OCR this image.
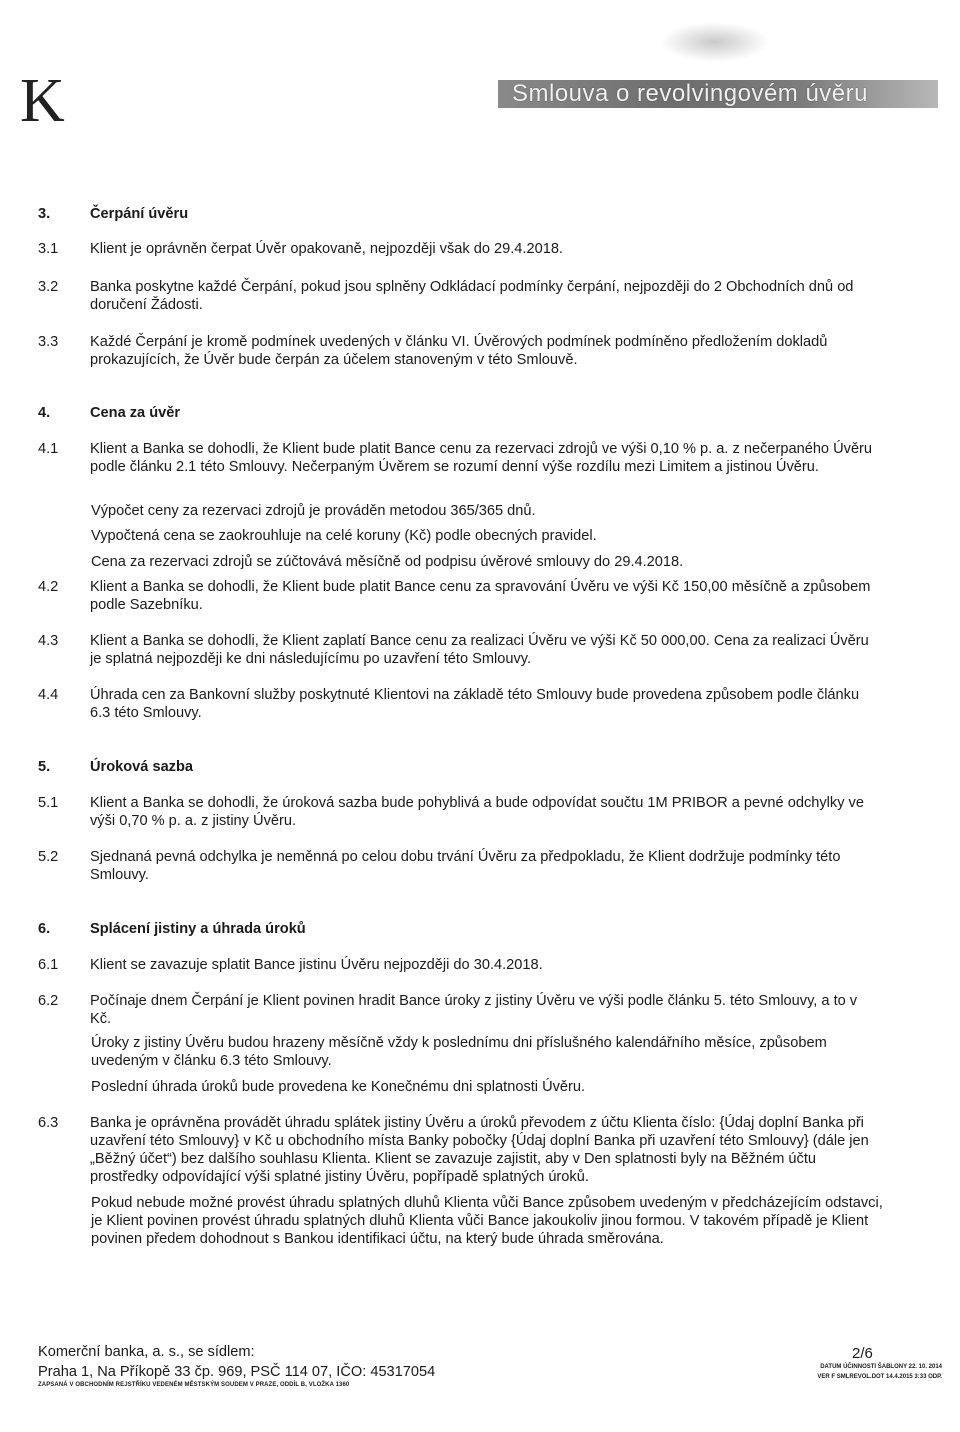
K	Smlouva o revolvingovém úvěru
3.	Čerpání úvěru
3.1	Klient je oprávněn čerpat Úvěr opakovaně, nejpozději však do 29.4.2018.
3.2	Banka poskytne každé Čerpání, pokud jsou splněny Odkládací podmínky čerpání, nejpozději do 2 Obchodních dnů od doručení Žádosti.
3.3	Každé Čerpání je kromě podmínek uvedených v článku VI. Úvěrových podmínek podmíněno předložením dokladů prokazujících, že Úvěr bude čerpán za účelem stanoveným v této Smlouvě.
4.	Cena za úvěr
4.1	Klient a Banka se dohodli, že Klient bude platit Bance cenu za rezervaci zdrojů ve výši 0,10 % p. a. z nečerpaného Úvěru podle článku 2.1 této Smlouvy. Nečerpaným Úvěrem se rozumí denní výše rozdílu mezi Limitem a jistinou Úvěru.
Výpočet ceny za rezervaci zdrojů je prováděn metodou 365/365 dnů.
Vypočtená cena se zaokrouhluje na celé koruny (Kč) podle obecných pravidel.
Cena za rezervaci zdrojů se zúčtovává měsíčně od podpisu úvěrové smlouvy do 29.4.2018.
4.2	Klient a Banka se dohodli, že Klient bude platit Bance cenu za spravování Úvěru ve výši Kč 150,00 měsíčně a způsobem podle Sazebníku.
4.3	Klient a Banka se dohodli, že Klient zaplatí Bance cenu za realizaci Úvěru ve výši Kč 50 000,00. Cena za realizaci Úvěru je splatná nejpozději ke dni následujícímu po uzavření této Smlouvy.
4.4	Úhrada cen za Bankovní služby poskytnuté Klientovi na základě této Smlouvy bude provedena způsobem podle článku 6.3 této Smlouvy.
5.	Úroková sazba
5.1	Klient a Banka se dohodli, že úroková sazba bude pohyblivá a bude odpovídat součtu 1M PRIBOR a pevné odchylky ve výši 0,70 % p. a. z jistiny Úvěru.
5.2	Sjednaná pevná odchylka je neměnná po celou dobu trvání Úvěru za předpokladu, že Klient dodržuje podmínky této Smlouvy.
6.	Splácení jistiny a úhrada úroků
6.1	Klient se zavazuje splatit Bance jistinu Úvěru nejpozději do 30.4.2018.
6.2	Počínaje dnem Čerpání je Klient povinen hradit Bance úroky z jistiny Úvěru ve výši podle článku 5. této Smlouvy, a to v Kč.
Úroky z jistiny Úvěru budou hrazeny měsíčně vždy k poslednímu dni příslušného kalendářního měsíce, způsobem uvedeným v článku 6.3 této Smlouvy.
Poslední úhrada úroků bude provedena ke Konečnému dni splatnosti Úvěru.
6.3	Banka je oprávněna provádět úhradu splátek jistiny Úvěru a úroků převodem z účtu Klienta číslo: {Údaj doplní Banka při uzavření této Smlouvy} v Kč u obchodního místa Banky pobočky {Údaj doplní Banka při uzavření této Smlouvy} (dále jen „Běžný účet“) bez dalšího souhlasu Klienta. Klient se zavazuje zajistit, aby v Den splatnosti byly na Běžném účtu prostředky odpovídající výši splatné jistiny Úvěru, popřípadě splatných úroků.
Pokud nebude možné provést úhradu splatných dluhů Klienta vůči Bance způsobem uvedeným v předcházejícím odstavci, je Klient povinen provést úhradu splatných dluhů Klienta vůči Bance jakoukoliv jinou formou. V takovém případě je Klient povinen předem dohodnout s Bankou identifikaci účtu, na který bude úhrada směrována.
Komerční banka, a. s., se sídlem:
Praha 1, Na Příkopě 33 čp. 969, PSČ 114 07, IČO: 45317054
ZAPSANÁ V OBCHODNÍM REJSTŘÍKU VEDENÉM MĚSTSKÝM SOUDEM V PRAZE, ODDÍL B, VLOŽKA 1360
2/6
DATUM ÚČINNOSTI ŠABLONY 22. 10. 2014
VER F SMLREVOL.DOT 14.4.2015 3:33 ODP.
